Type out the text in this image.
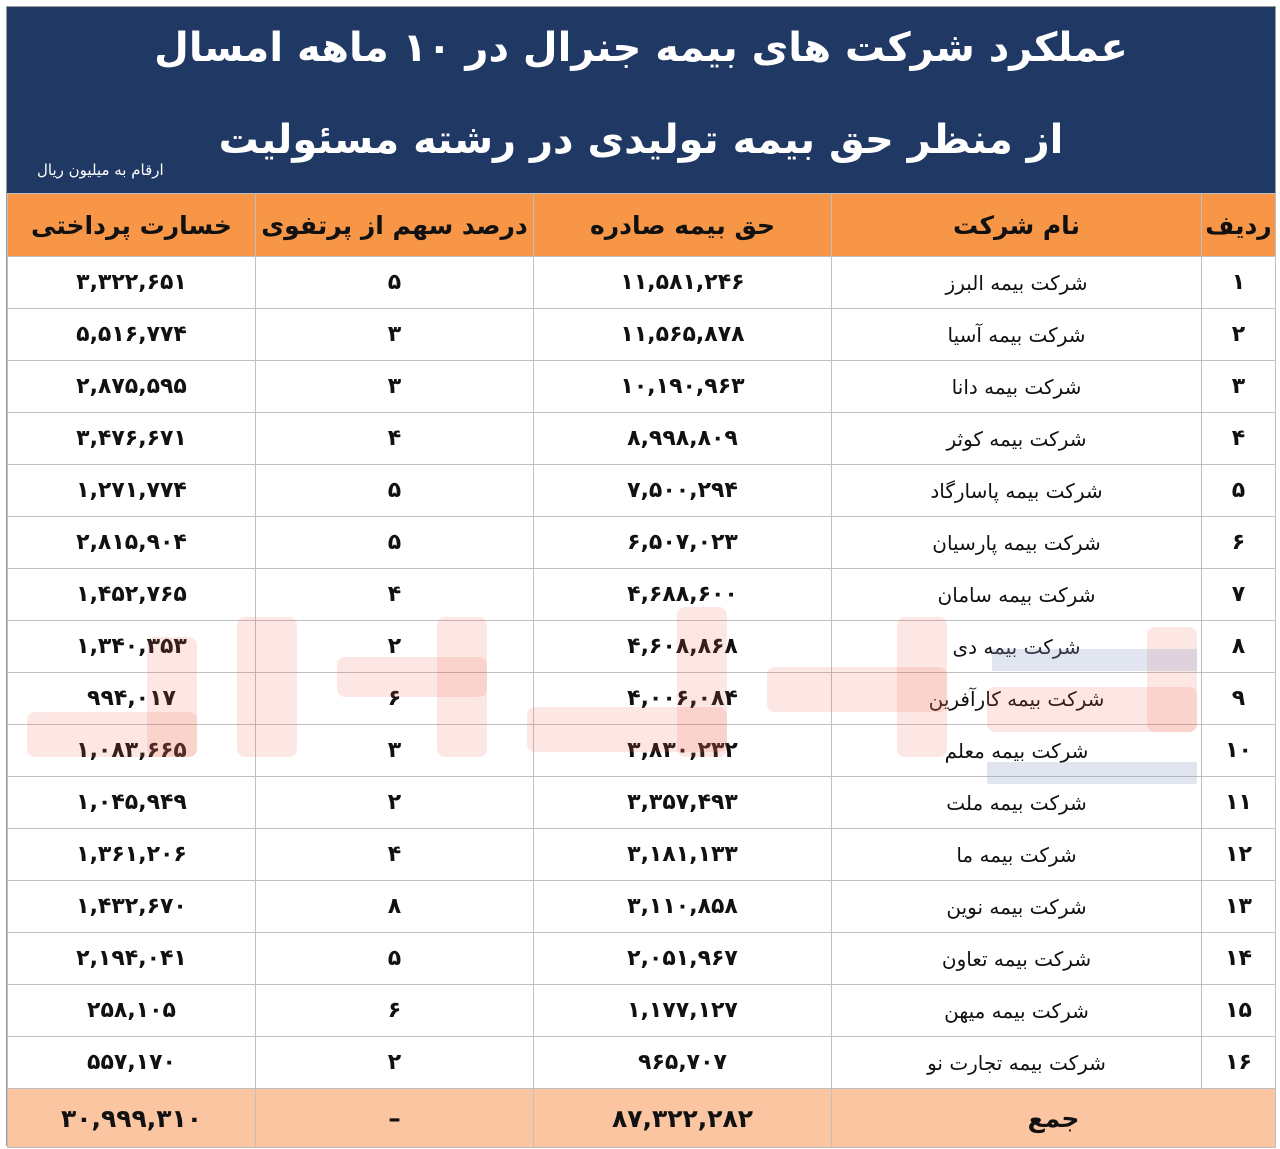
عملکرد شرکت های بیمه جنرال در ۱۰ ماهه امسال
از منظر حق بیمه تولیدی در رشته مسئولیت
ارقام به میلیون ریال
ردیف	نام شرکت	حق بیمه صادره	درصد سهم از پرتفوی	خسارت پرداختی
۱	شرکت بیمه البرز	۱۱,۵۸۱,۲۴۶	۵	۳,۳۲۲,۶۵۱
۲	شرکت بیمه آسیا	۱۱,۵۶۵,۸۷۸	۳	۵,۵۱۶,۷۷۴
۳	شرکت بیمه دانا	۱۰,۱۹۰,۹۶۳	۳	۲,۸۷۵,۵۹۵
۴	شرکت بیمه کوثر	۸,۹۹۸,۸۰۹	۴	۳,۴۷۶,۶۷۱
۵	شرکت بیمه پاسارگاد	۷,۵۰۰,۲۹۴	۵	۱,۲۷۱,۷۷۴
۶	شرکت بیمه پارسیان	۶,۵۰۷,۰۲۳	۵	۲,۸۱۵,۹۰۴
۷	شرکت بیمه سامان	۴,۶۸۸,۶۰۰	۴	۱,۴۵۲,۷۶۵
۸	شرکت بیمه دی	۴,۶۰۸,۸۶۸	۲	۱,۳۴۰,۳۵۳
۹	شرکت بیمه کارآفرین	۴,۰۰۶,۰۸۴	۶	۹۹۴,۰۱۷
۱۰	شرکت بیمه معلم	۳,۸۳۰,۲۳۲	۳	۱,۰۸۳,۶۶۵
۱۱	شرکت بیمه ملت	۳,۳۵۷,۴۹۳	۲	۱,۰۴۵,۹۴۹
۱۲	شرکت بیمه ما	۳,۱۸۱,۱۳۳	۴	۱,۳۶۱,۲۰۶
۱۳	شرکت بیمه نوین	۳,۱۱۰,۸۵۸	۸	۱,۴۳۲,۶۷۰
۱۴	شرکت بیمه تعاون	۲,۰۵۱,۹۶۷	۵	۲,۱۹۴,۰۴۱
۱۵	شرکت بیمه میهن	۱,۱۷۷,۱۲۷	۶	۲۵۸,۱۰۵
۱۶	شرکت بیمه تجارت نو	۹۶۵,۷۰۷	۲	۵۵۷,۱۷۰
جمع		۸۷,۳۲۲,۲۸۲	–	۳۰,۹۹۹,۳۱۰
